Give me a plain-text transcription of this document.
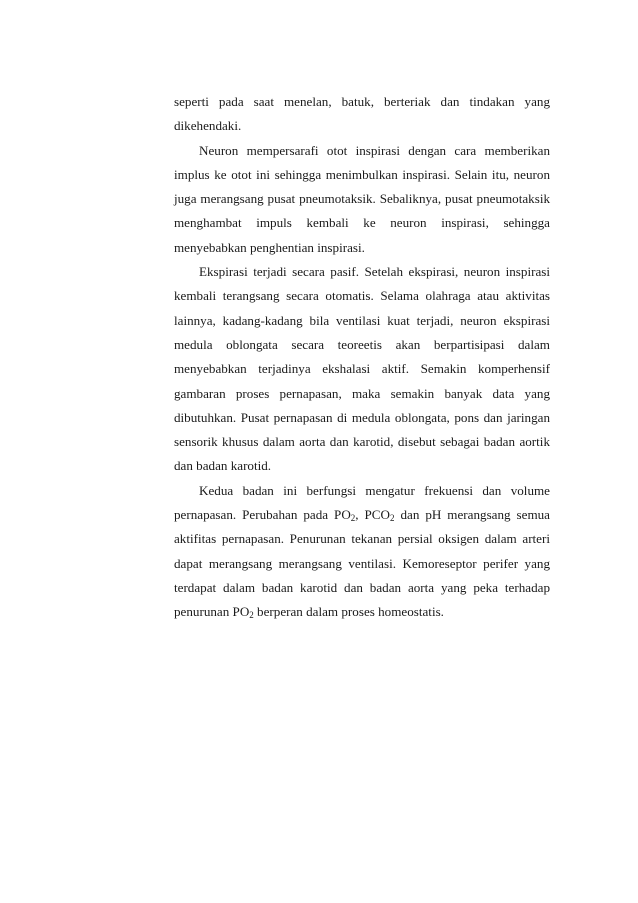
seperti pada saat menelan, batuk, berteriak dan tindakan yang
dikehendaki.
Neuron mempersarafi otot inspirasi dengan cara memberikan
implus ke otot ini sehingga menimbulkan inspirasi. Selain itu, neuron
juga merangsang pusat pneumotaksik. Sebaliknya, pusat pneumotaksik
menghambat impuls kembali ke neuron inspirasi, sehingga
menyebabkan penghentian inspirasi.
Ekspirasi terjadi secara pasif. Setelah ekspirasi, neuron inspirasi
kembali terangsang secara otomatis. Selama olahraga atau aktivitas
lainnya, kadang-kadang bila ventilasi kuat terjadi, neuron ekspirasi
medula oblongata secara teoreetis akan berpartisipasi dalam
menyebabkan terjadinya ekshalasi aktif. Semakin komperhensif
gambaran proses pernapasan, maka semakin banyak data yang
dibutuhkan. Pusat pernapasan di medula oblongata, pons dan jaringan
sensorik khusus dalam aorta dan karotid, disebut sebagai badan aortik
dan badan karotid.
Kedua badan ini berfungsi mengatur frekuensi dan volume
pernapasan. Perubahan pada $PO_2$, $PCO_2$ dan pH merangsang semua
aktifitas pernapasan. Penurunan tekanan persial oksigen dalam arteri
dapat merangsang merangsang ventilasi. Kemoreseptor perifer yang
terdapat dalam badan karotid dan badan aorta yang peka terhadap
penurunan $PO_2$ berperan dalam proses homeostatis.
